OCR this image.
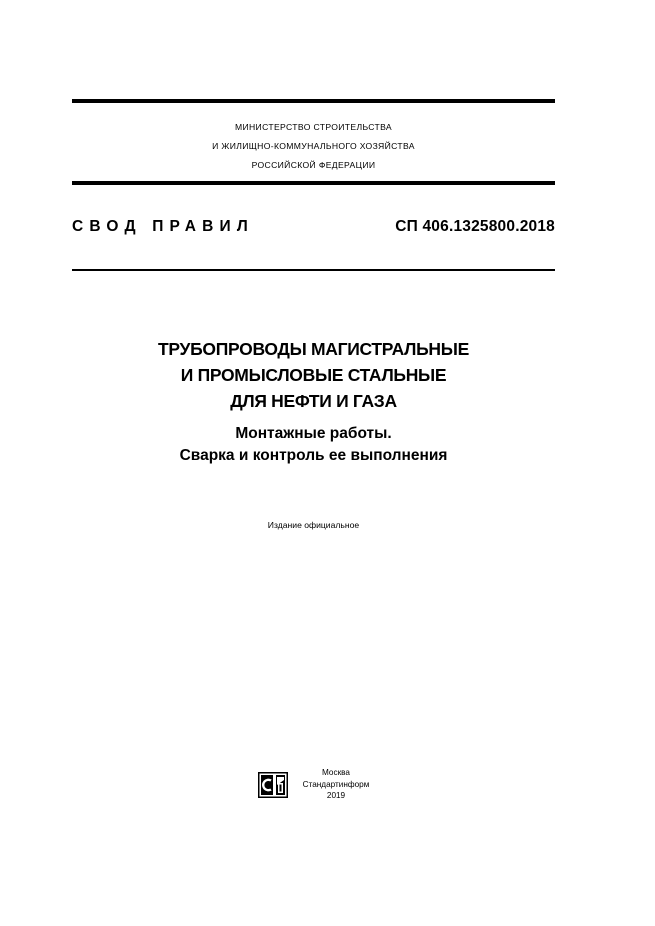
МИНИСТЕРСТВО СТРОИТЕЛЬСТВА
И ЖИЛИЩНО-КОММУНАЛЬНОГО ХОЗЯЙСТВА
РОССИЙСКОЙ ФЕДЕРАЦИИ
СВОД ПРАВИЛ	СП 406.1325800.2018
ТРУБОПРОВОДЫ МАГИСТРАЛЬНЫЕ
И ПРОМЫСЛОВЫЕ СТАЛЬНЫЕ
ДЛЯ НЕФТИ И ГАЗА
Монтажные работы.
Сварка и контроль ее выполнения
Издание официальное
Москва
Стандартинформ
2019
